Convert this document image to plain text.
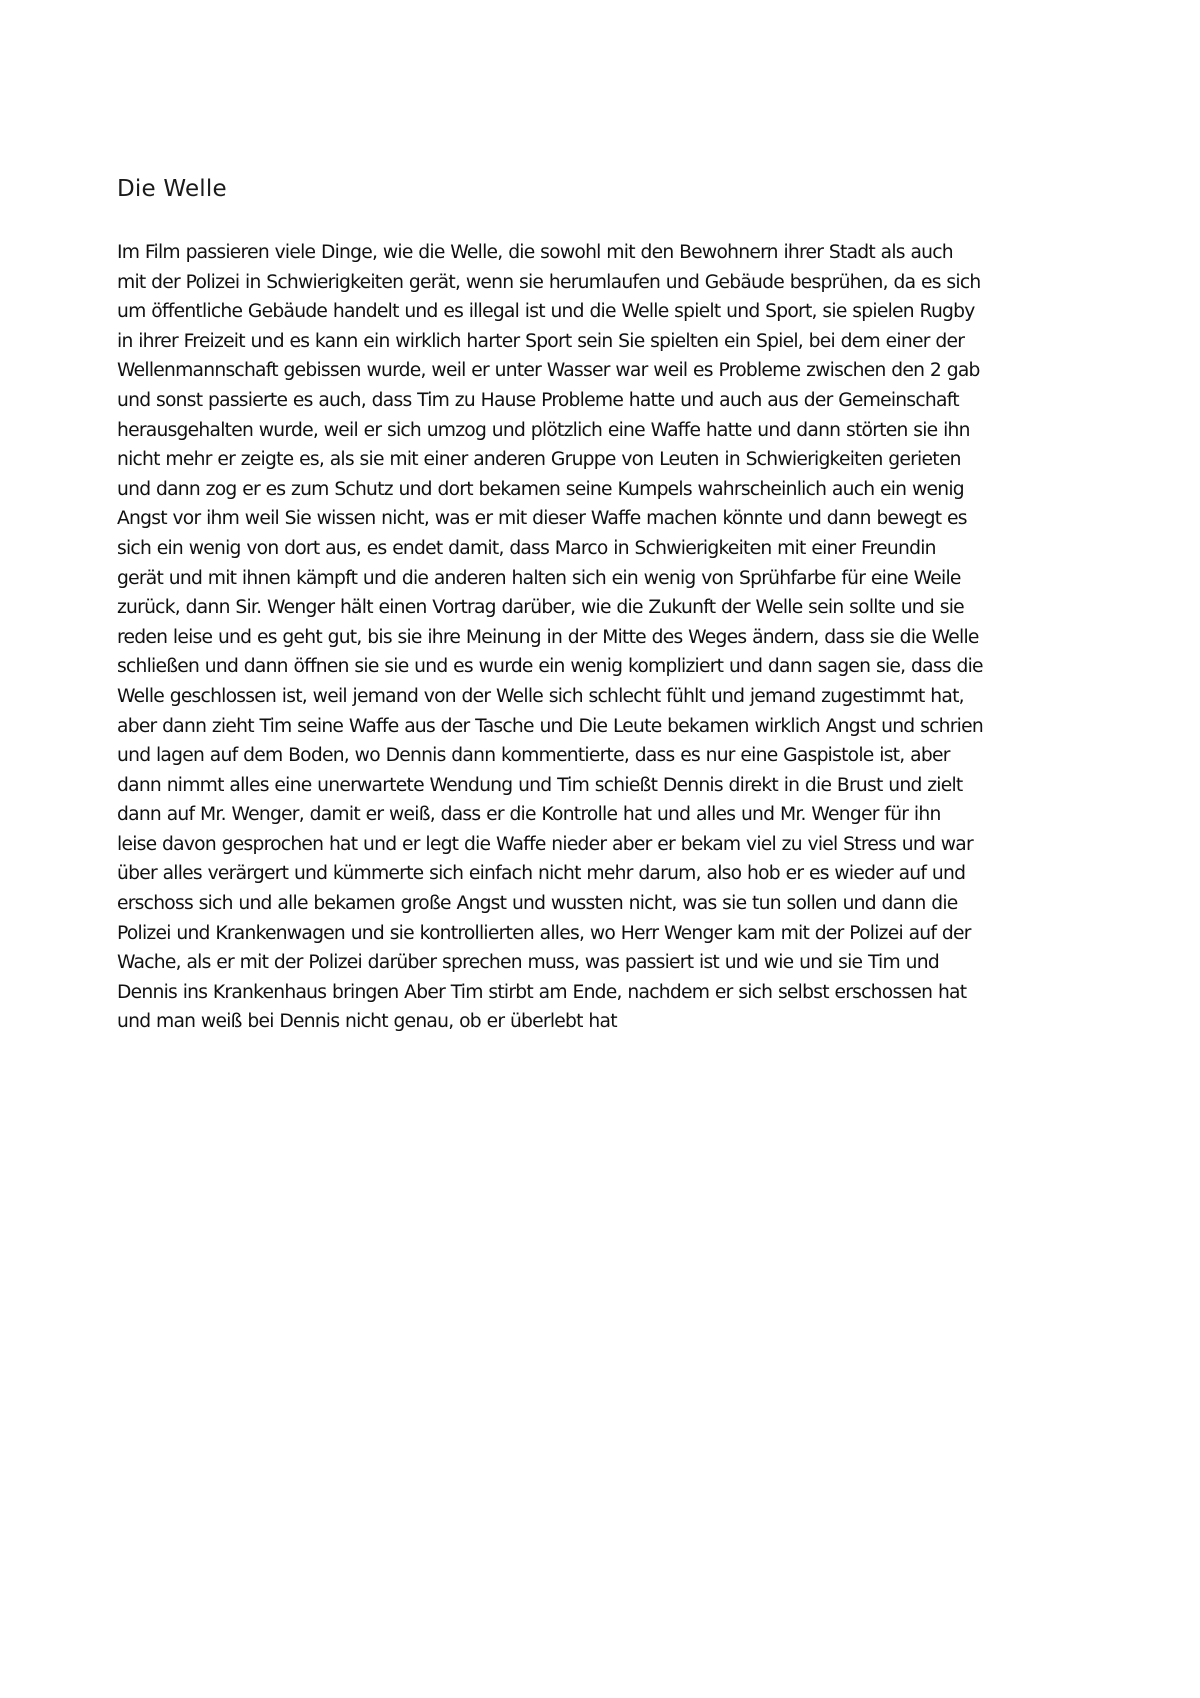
Die Welle
Im Film passieren viele Dinge, wie die Welle, die sowohl mit den Bewohnern ihrer Stadt als auch
mit der Polizei in Schwierigkeiten gerät, wenn sie herumlaufen und Gebäude besprühen, da es sich
um öffentliche Gebäude handelt und es illegal ist und die Welle spielt und Sport, sie spielen Rugby
in ihrer Freizeit und es kann ein wirklich harter Sport sein Sie spielten ein Spiel, bei dem einer der
Wellenmannschaft gebissen wurde, weil er unter Wasser war weil es Probleme zwischen den 2 gab
und sonst passierte es auch, dass Tim zu Hause Probleme hatte und auch aus der Gemeinschaft
herausgehalten wurde, weil er sich umzog und plötzlich eine Waffe hatte und dann störten sie ihn
nicht mehr er zeigte es, als sie mit einer anderen Gruppe von Leuten in Schwierigkeiten gerieten
und dann zog er es zum Schutz und dort bekamen seine Kumpels wahrscheinlich auch ein wenig
Angst vor ihm weil Sie wissen nicht, was er mit dieser Waffe machen könnte und dann bewegt es
sich ein wenig von dort aus, es endet damit, dass Marco in Schwierigkeiten mit einer Freundin
gerät und mit ihnen kämpft und die anderen halten sich ein wenig von Sprühfarbe für eine Weile
zurück, dann Sir. Wenger hält einen Vortrag darüber, wie die Zukunft der Welle sein sollte und sie
reden leise und es geht gut, bis sie ihre Meinung in der Mitte des Weges ändern, dass sie die Welle
schließen und dann öffnen sie sie und es wurde ein wenig kompliziert und dann sagen sie, dass die
Welle geschlossen ist, weil jemand von der Welle sich schlecht fühlt und jemand zugestimmt hat,
aber dann zieht Tim seine Waffe aus der Tasche und Die Leute bekamen wirklich Angst und schrien
und lagen auf dem Boden, wo Dennis dann kommentierte, dass es nur eine Gaspistole ist, aber
dann nimmt alles eine unerwartete Wendung und Tim schießt Dennis direkt in die Brust und zielt
dann auf Mr. Wenger, damit er weiß, dass er die Kontrolle hat und alles und Mr. Wenger für ihn
leise davon gesprochen hat und er legt die Waffe nieder aber er bekam viel zu viel Stress und war
über alles verärgert und kümmerte sich einfach nicht mehr darum, also hob er es wieder auf und
erschoss sich und alle bekamen große Angst und wussten nicht, was sie tun sollen und dann die
Polizei und Krankenwagen und sie kontrollierten alles, wo Herr Wenger kam mit der Polizei auf der
Wache, als er mit der Polizei darüber sprechen muss, was passiert ist und wie und sie Tim und
Dennis ins Krankenhaus bringen Aber Tim stirbt am Ende, nachdem er sich selbst erschossen hat
und man weiß bei Dennis nicht genau, ob er überlebt hat
